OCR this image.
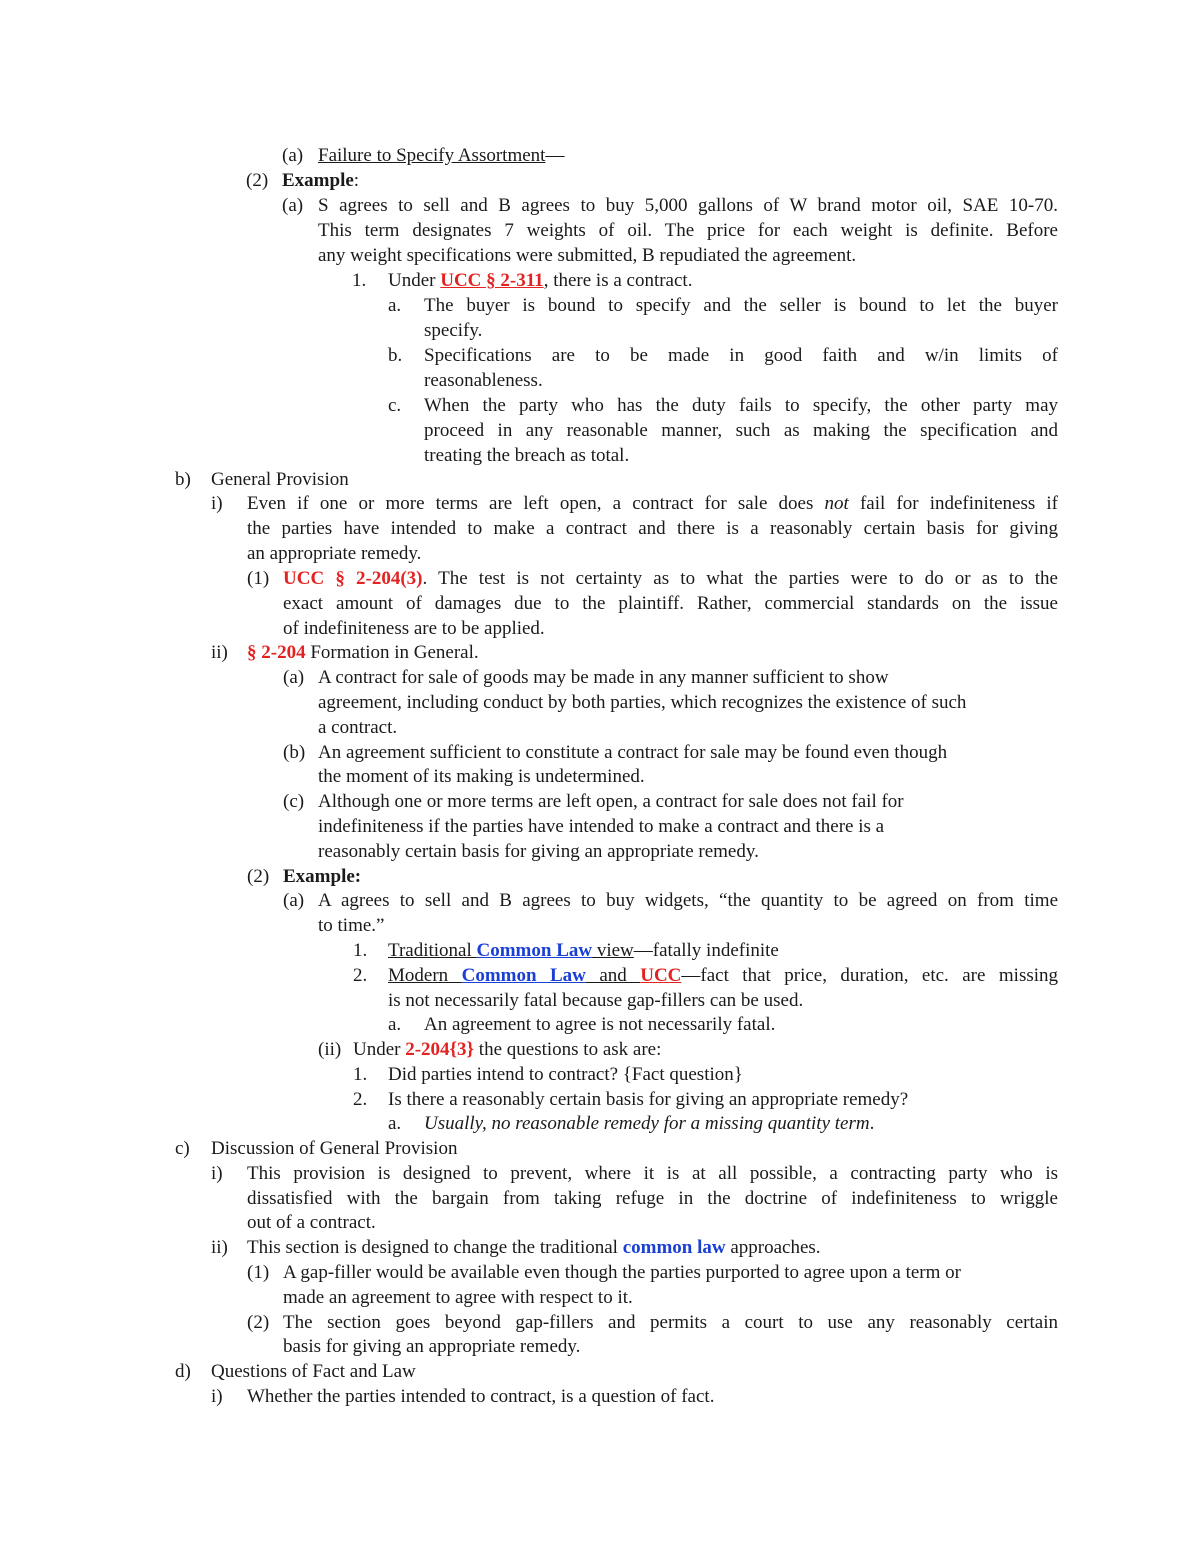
(a) Failure to Specify Assortment—
(2) Example:
(a) S agrees to sell and B agrees to buy 5,000 gallons of W brand motor oil, SAE 10-70.
This term designates 7 weights of oil. The price for each weight is definite. Before
any weight specifications were submitted, B repudiated the agreement.
1. Under UCC § 2-311, there is a contract.
a. The buyer is bound to specify and the seller is bound to let the buyer
specify.
b. Specifications are to be made in good faith and w/in limits of
reasonableness.
c. When the party who has the duty fails to specify, the other party may
proceed in any reasonable manner, such as making the specification and
treating the breach as total.
b) General Provision
i) Even if one or more terms are left open, a contract for sale does not fail for indefiniteness if
the parties have intended to make a contract and there is a reasonably certain basis for giving
an appropriate remedy.
(1) UCC § 2-204(3). The test is not certainty as to what the parties were to do or as to the
exact amount of damages due to the plaintiff. Rather, commercial standards on the issue
of indefiniteness are to be applied.
ii) § 2-204 Formation in General.
(a) A contract for sale of goods may be made in any manner sufficient to show
agreement, including conduct by both parties, which recognizes the existence of such
a contract.
(b) An agreement sufficient to constitute a contract for sale may be found even though
the moment of its making is undetermined.
(c) Although one or more terms are left open, a contract for sale does not fail for
indefiniteness if the parties have intended to make a contract and there is a
reasonably certain basis for giving an appropriate remedy.
(2) Example:
(a) A agrees to sell and B agrees to buy widgets, “the quantity to be agreed on from time
to time.”
1. Traditional Common Law view—fatally indefinite
2. Modern Common Law and UCC—fact that price, duration, etc. are missing
is not necessarily fatal because gap-fillers can be used.
a. An agreement to agree is not necessarily fatal.
(ii) Under 2-204{3} the questions to ask are:
1. Did parties intend to contract? {Fact question}
2. Is there a reasonably certain basis for giving an appropriate remedy?
a. Usually, no reasonable remedy for a missing quantity term.
c) Discussion of General Provision
i) This provision is designed to prevent, where it is at all possible, a contracting party who is
dissatisfied with the bargain from taking refuge in the doctrine of indefiniteness to wriggle
out of a contract.
ii) This section is designed to change the traditional common law approaches.
(1) A gap-filler would be available even though the parties purported to agree upon a term or
made an agreement to agree with respect to it.
(2) The section goes beyond gap-fillers and permits a court to use any reasonably certain
basis for giving an appropriate remedy.
d) Questions of Fact and Law
i) Whether the parties intended to contract, is a question of fact.
